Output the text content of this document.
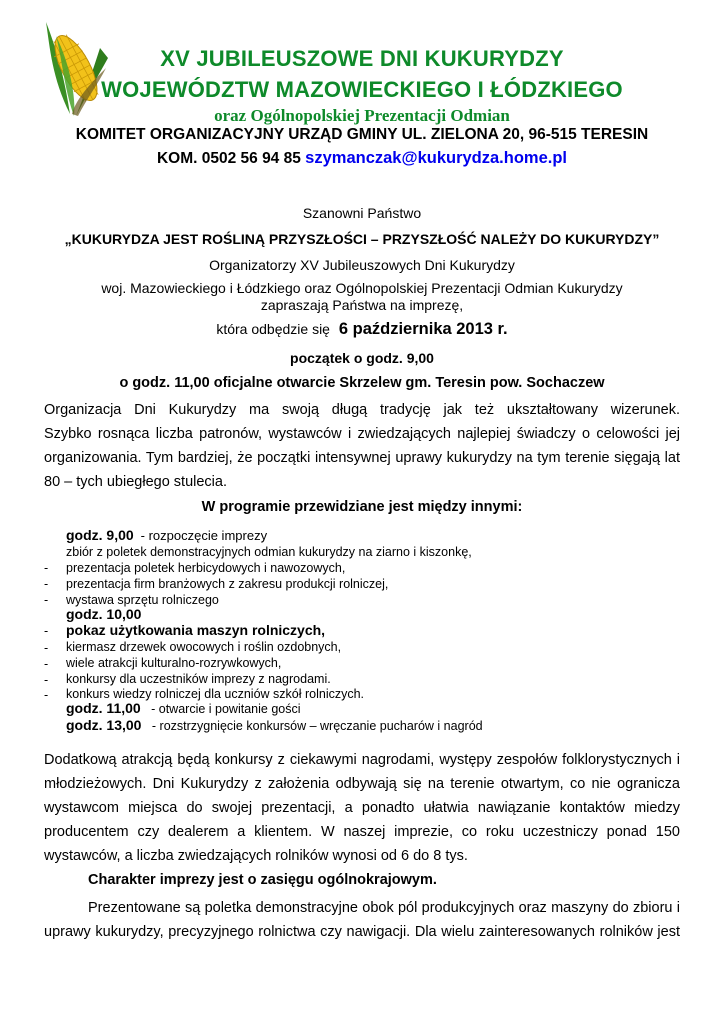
XV JUBILEUSZOWE DNI KUKURYDZY
WOJEWÓDZTW MAZOWIECKIEGO I ŁÓDZKIEGO
oraz Ogólnopolskiej Prezentacji Odmian
KOMITET ORGANIZACYJNY URZĄD GMINY UL. ZIELONA 20, 96-515 TERESIN
KOM. 0502 56 94 85 szymanczak@kukurydza.home.pl
Szanowni Państwo
„KUKURYDZA JEST ROŚLINĄ PRZYSZŁOŚCI – PRZYSZŁOŚĆ NALEŻY DO KUKURYDZY”
Organizatorzy XV Jubileuszowych Dni Kukurydzy
woj. Mazowieckiego i Łódzkiego oraz Ogólnopolskiej Prezentacji Odmian Kukurydzy
zapraszają Państwa na imprezę,
która odbędzie się 6 października 2013 r.
początek o godz. 9,00
o godz. 11,00 oficjalne otwarcie Skrzelew gm. Teresin pow. Sochaczew
Organizacja Dni Kukurydzy ma swoją długą tradycję jak też ukształtowany wizerunek.
Szybko rosnąca liczba patronów, wystawców i zwiedzających najlepiej świadczy o celowości jej
organizowania. Tym bardziej, że początki intensywnej uprawy kukurydzy na tym terenie sięgają lat
80 – tych ubiegłego stulecia.
W programie przewidziane jest między innymi:
godz. 9,00 - rozpoczęcie imprezy
zbiór z poletek demonstracyjnych odmian kukurydzy na ziarno i kiszonkę,
- prezentacja poletek herbicydowych i nawozowych,
- prezentacja firm branżowych z zakresu produkcji rolniczej,
- wystawa sprzętu rolniczego
godz. 10,00
- pokaz użytkowania maszyn rolniczych,
- kiermasz drzewek owocowych i roślin ozdobnych,
- wiele atrakcji kulturalno-rozrywkowych,
- konkursy dla uczestników imprezy z nagrodami.
- konkurs wiedzy rolniczej dla uczniów szkół rolniczych.
godz. 11,00 - otwarcie i powitanie gości
godz. 13,00 - rozstrzygnięcie konkursów – wręczanie pucharów i nagród
Dodatkową atrakcją będą konkursy z ciekawymi nagrodami, występy zespołów folklorystycznych i
młodzieżowych. Dni Kukurydzy z założenia odbywają się na terenie otwartym, co nie ogranicza
wystawcom miejsca do swojej prezentacji, a ponadto ułatwia nawiązanie kontaktów miedzy
producentem czy dealerem a klientem. W naszej imprezie, co roku uczestniczy ponad 150
wystawców, a liczba zwiedzających rolników wynosi od 6 do 8 tys.
Charakter imprezy jest o zasięgu ogólnokrajowym.
Prezentowane są poletka demonstracyjne obok pól produkcyjnych oraz maszyny do zbioru i
uprawy kukurydzy, precyzyjnego rolnictwa czy nawigacji. Dla wielu zainteresowanych rolników jest
